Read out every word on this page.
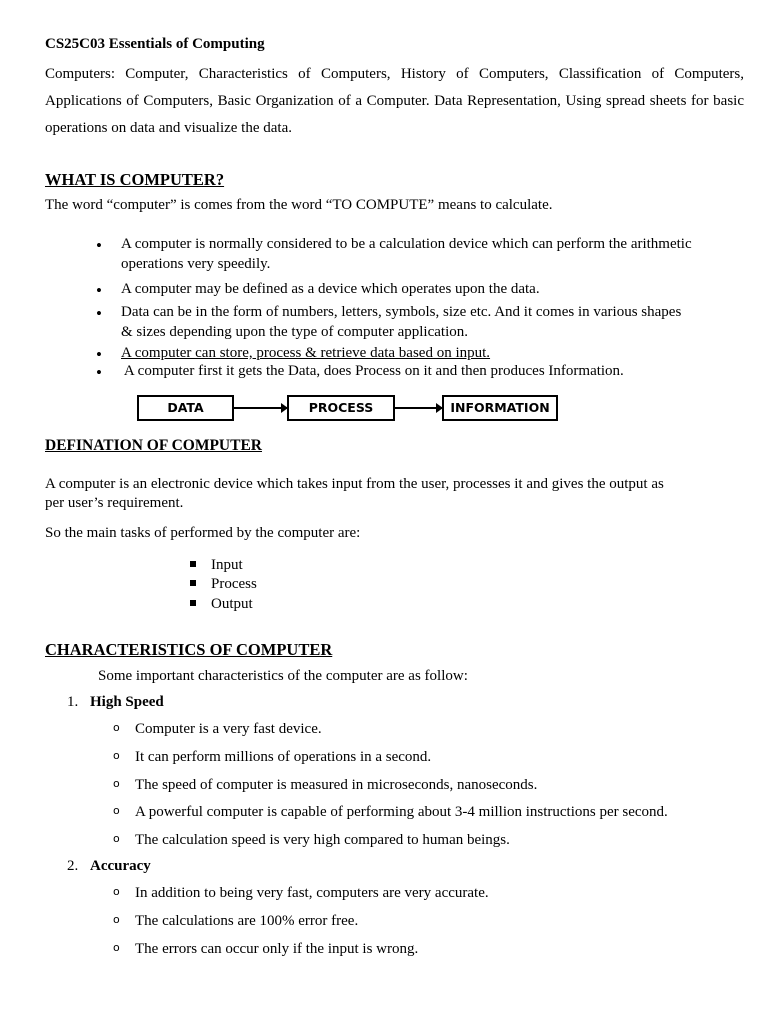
CS25C03 Essentials of Computing
Computers: Computer, Characteristics of Computers, History of Computers, Classification of Computers,
Applications of Computers, Basic Organization of a Computer. Data Representation, Using spread sheets for basic
operations on data and visualize the data.
WHAT IS COMPUTER?
The word “computer” is comes from the word “TO COMPUTE” means to calculate.
• A computer is normally considered to be a calculation device which can perform the arithmetic operations very speedily.
• A computer may be defined as a device which operates upon the data.
• Data can be in the form of numbers, letters, symbols, size etc. And it comes in various shapes & sizes depending upon the type of computer application.
• A computer can store, process & retrieve data based on input.
•  A computer first it gets the Data, does Process on it and then produces Information.
DATA	PROCESS	INFORMATION
DEFINATION OF COMPUTER
A computer is an electronic device which takes input from the user, processes it and gives the output as per user’s requirement.
So the main tasks of performed by the computer are:
Input
Process
Output
CHARACTERISTICS OF COMPUTER
Some important characteristics of the computer are as follow:
1. High Speed
o Computer is a very fast device.
o It can perform millions of operations in a second.
o The speed of computer is measured in microseconds, nanoseconds.
o A powerful computer is capable of performing about 3-4 million instructions per second.
o The calculation speed is very high compared to human beings.
2. Accuracy
o In addition to being very fast, computers are very accurate.
o The calculations are 100% error free.
o The errors can occur only if the input is wrong.
